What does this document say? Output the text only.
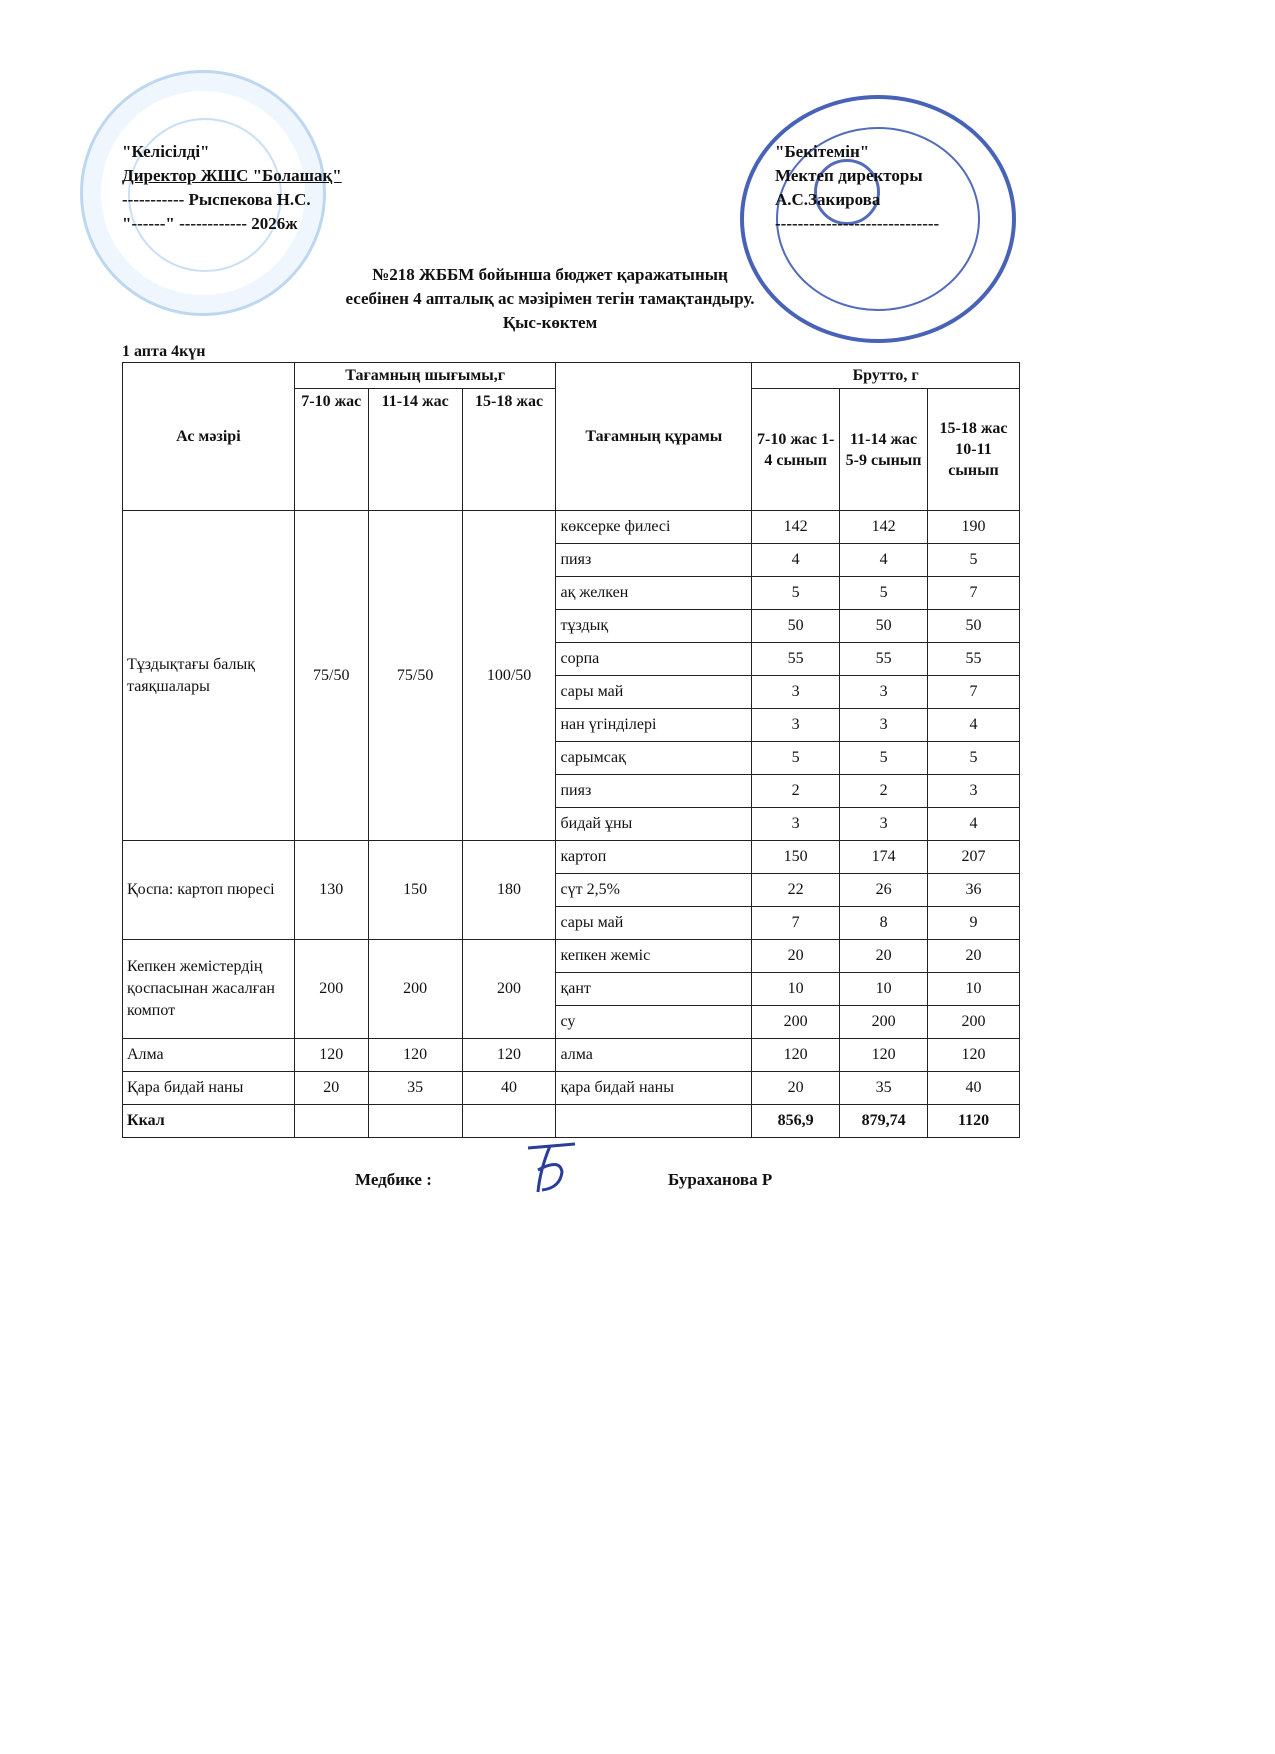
"Келісілді"
Директор ЖШС "Болашақ"
----------- Рыспекова Н.С.
"------" ------------ 2026ж
"Бекітемін"
Мектеп директоры
А.С.Закирова
-----------------------------
№218 ЖББМ бойынша бюджет қаражатының
есебінен 4 апталық ас мәзірімен тегін тамақтандыру.
Қыс-көктем
1 апта 4күн
Ас мәзірі	Тағамның шығымы,г			Тағамның құрамы	Брутто, г		
	7-10 жас	11-14 жас	15-18 жас		7-10 жас 1-4 сынып	11-14 жас 5-9 сынып	15-18 жас 10-11 сынып
Тұздықтағы балық таяқшалары	75/50	75/50	100/50	көксерке филесі	142	142	190
				пияз	4	4	5
				ақ желкен	5	5	7
				тұздық	50	50	50
				сорпа	55	55	55
				сары май	3	3	7
				нан үгінділері	3	3	4
				сарымсақ	5	5	5
				пияз	2	2	3
				бидай ұны	3	3	4
Қоспа: картоп пюресі	130	150	180	картоп	150	174	207
				сүт 2,5%	22	26	36
				сары май	7	8	9
Кепкен жемістердің қоспасынан жасалған компот	200	200	200	кепкен жеміс	20	20	20
				қант	10	10	10
				су	200	200	200
Алма	120	120	120	алма	120	120	120
Қара бидай наны	20	35	40	қара бидай наны	20	35	40
Ккал					856,9	879,74	1120
Медбике :	Бураханова Р
